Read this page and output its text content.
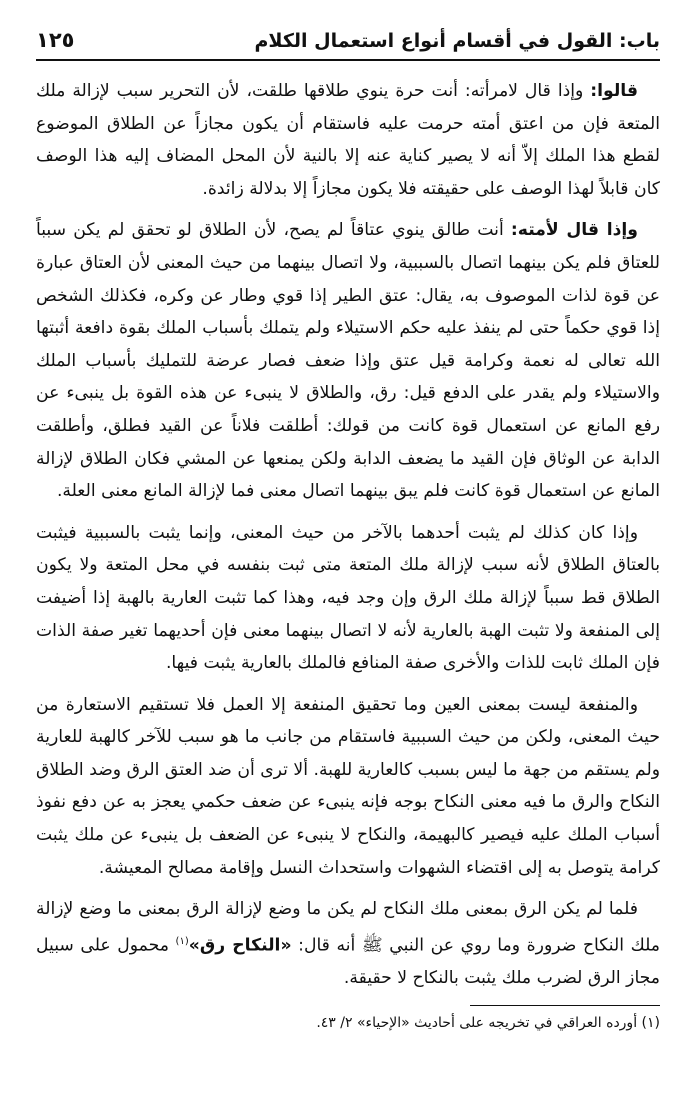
باب: القول في أقسام أنواع استعمال الكلام
١٢٥

قالوا: وإذا قال لامرأته: أنت حرة ينوي طلاقها طلقت، لأن التحرير سبب لإزالة ملك المتعة فإن من اعتق أمته حرمت عليه فاستقام أن يكون مجازاً عن الطلاق الموضوع لقطع هذا الملك إلاّ أنه لا يصير كناية عنه إلا بالنية لأن المحل المضاف إليه هذا الوصف كان قابلاً لهذا الوصف على حقيقته فلا يكون مجازاً إلا بدلالة زائدة.

وإذا قال لأمته: أنت طالق ينوي عتاقاً لم يصح، لأن الطلاق لو تحقق لم يكن سبباً للعتاق فلم يكن بينهما اتصال بالسببية، ولا اتصال بينهما من حيث المعنى لأن العتاق عبارة عن قوة لذات الموصوف به، يقال: عتق الطير إذا قوي وطار عن وكره، فكذلك الشخص إذا قوي حكماً حتى لم ينفذ عليه حكم الاستيلاء ولم يتملك بأسباب الملك بقوة دافعة أثبتها الله تعالى له نعمة وكرامة قيل عتق وإذا ضعف فصار عرضة للتمليك بأسباب الملك والاستيلاء ولم يقدر على الدفع قيل: رق، والطلاق لا ينبىء عن هذه القوة بل ينبىء عن رفع المانع عن استعمال قوة كانت من قولك: أطلقت فلاناً عن القيد فطلق، وأطلقت الدابة عن الوثاق فإن القيد ما يضعف الدابة ولكن يمنعها عن المشي فكان الطلاق لإزالة المانع عن استعمال قوة كانت فلم يبق بينهما اتصال معنى فما لإزالة المانع معنى العلة.

وإذا كان كذلك لم يثبت أحدهما بالآخر من حيث المعنى، وإنما يثبت بالسببية فيثبت بالعتاق الطلاق لأنه سبب لإزالة ملك المتعة متى ثبت بنفسه في محل المتعة ولا يكون الطلاق قط سبباً لإزالة ملك الرق وإن وجد فيه، وهذا كما تثبت العارية بالهبة إذا أضيفت إلى المنفعة ولا تثبت الهبة بالعارية لأنه لا اتصال بينهما معنى فإن أحديهما تغير صفة الذات فإن الملك ثابت للذات والأخرى صفة المنافع فالملك بالعارية يثبت فيها.

والمنفعة ليست بمعنى العين وما تحقيق المنفعة إلا العمل فلا تستقيم الاستعارة من حيث المعنى، ولكن من حيث السببية فاستقام من جانب ما هو سبب للآخر كالهبة للعارية ولم يستقم من جهة ما ليس بسبب كالعارية للهبة. ألا ترى أن ضد العتق الرق وضد الطلاق النكاح والرق ما فيه معنى النكاح بوجه فإنه ينبىء عن ضعف حكمي يعجز به عن دفع نفوذ أسباب الملك عليه فيصير كالبهيمة، والنكاح لا ينبىء عن الضعف بل ينبىء عن ملك يثبت كرامة يتوصل به إلى اقتضاء الشهوات واستحداث النسل وإقامة مصالح المعيشة.

فلما لم يكن الرق بمعنى ملك النكاح لم يكن ما وضع لإزالة الرق بمعنى ما وضع لإزالة ملك النكاح ضرورة وما روي عن النبي ﷺ أنه قال: «النكاح رق»$^{(١)}$ محمول على سبيل مجاز الرق لضرب ملك يثبت بالنكاح لا حقيقة.

(١) أورده العراقي في تخريجه على أحاديث «الإحياء» ٢/ ٤٣.
